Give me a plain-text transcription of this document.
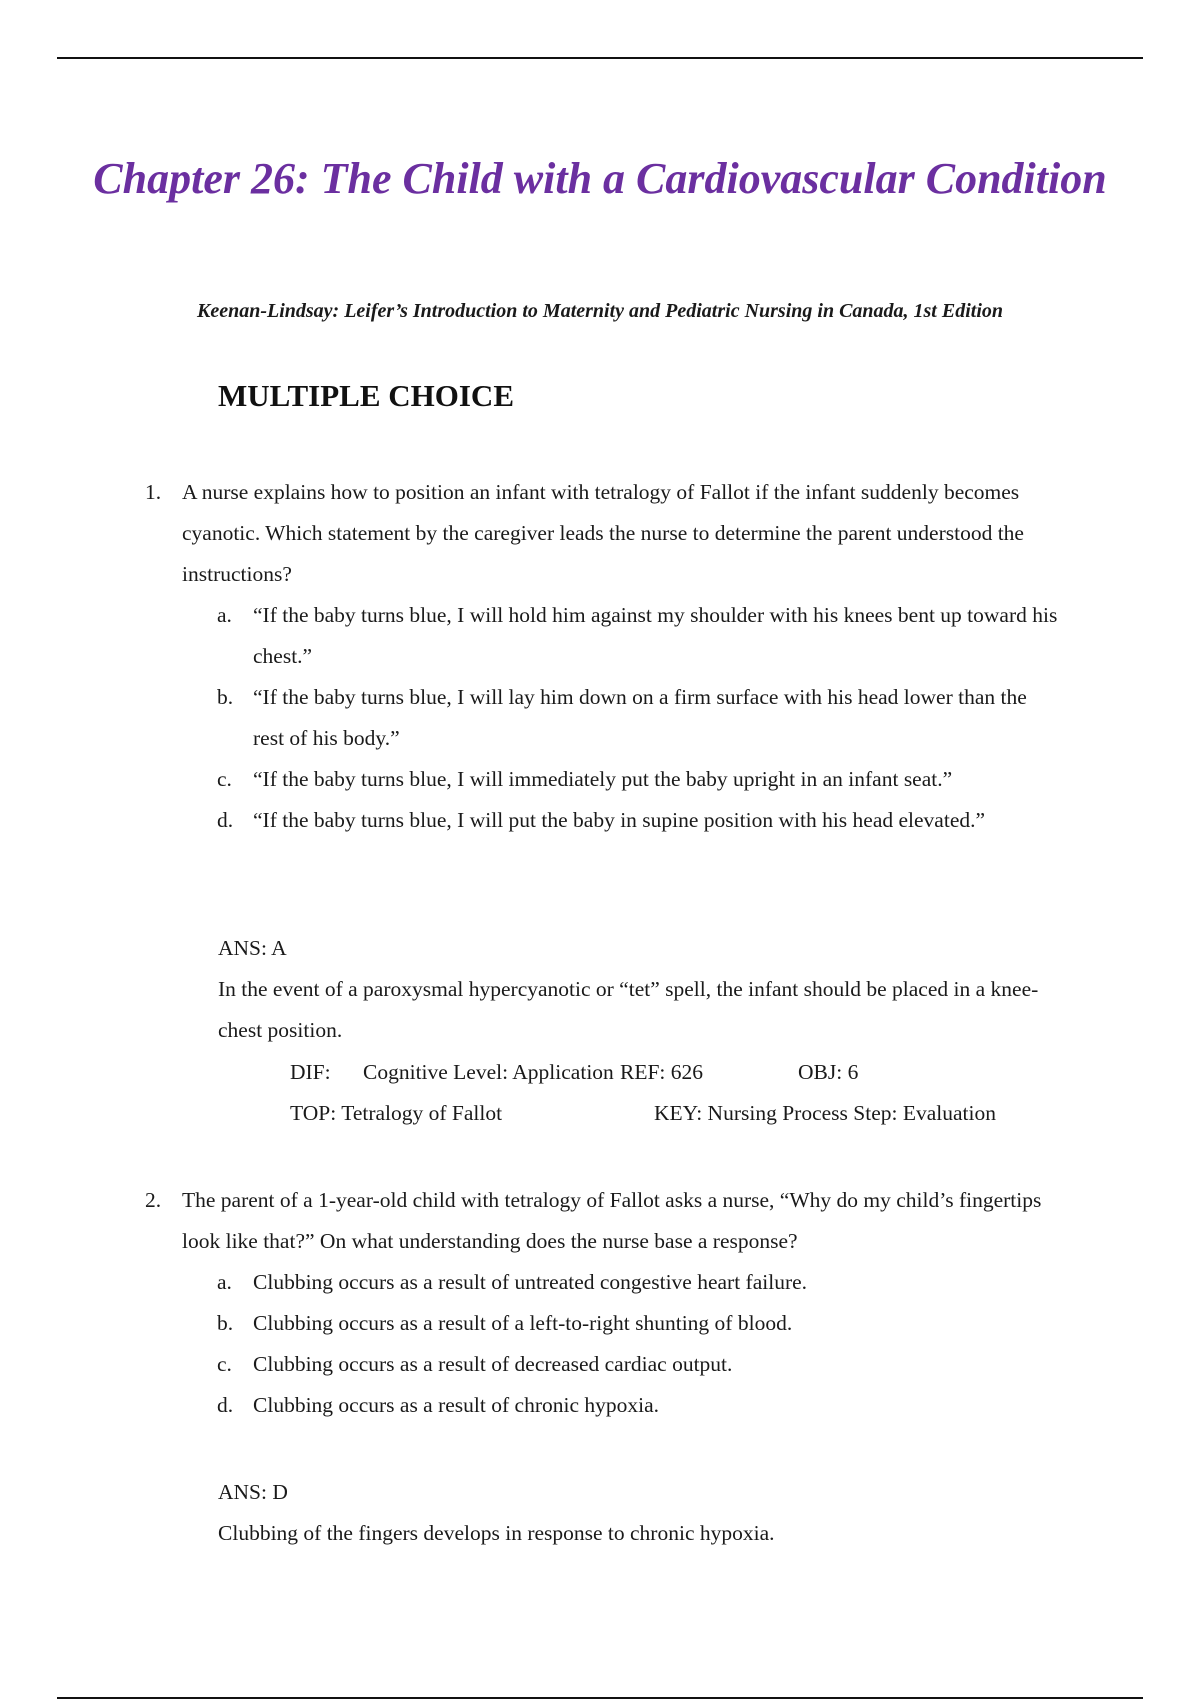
Chapter 26: The Child with a Cardiovascular Condition

Keenan-Lindsay: Leifer’s Introduction to Maternity and Pediatric Nursing in Canada, 1st Edition

MULTIPLE CHOICE
1. A nurse explains how to position an infant with tetralogy of Fallot if the infant suddenly becomes cyanotic. Which statement by the caregiver leads the nurse to determine the parent understood the instructions?
a. “If the baby turns blue, I will hold him against my shoulder with his knees bent up toward his chest.”
b. “If the baby turns blue, I will lay him down on a firm surface with his head lower than the rest of his body.”
c. “If the baby turns blue, I will immediately put the baby upright in an infant seat.”
d. “If the baby turns blue, I will put the baby in supine position with his head elevated.”
ANS: A
In the event of a paroxysmal hypercyanotic or “tet” spell, the infant should be placed in a knee-chest position.
DIF: Cognitive Level: Application REF: 626	OBJ: 6
TOP: Tetralogy of Fallot	KEY: Nursing Process Step: Evaluation
2. The parent of a 1-year-old child with tetralogy of Fallot asks a nurse, “Why do my child’s fingertips look like that?” On what understanding does the nurse base a response?
a. Clubbing occurs as a result of untreated congestive heart failure.
b. Clubbing occurs as a result of a left-to-right shunting of blood.
c. Clubbing occurs as a result of decreased cardiac output.
d. Clubbing occurs as a result of chronic hypoxia.
ANS: D
Clubbing of the fingers develops in response to chronic hypoxia.
